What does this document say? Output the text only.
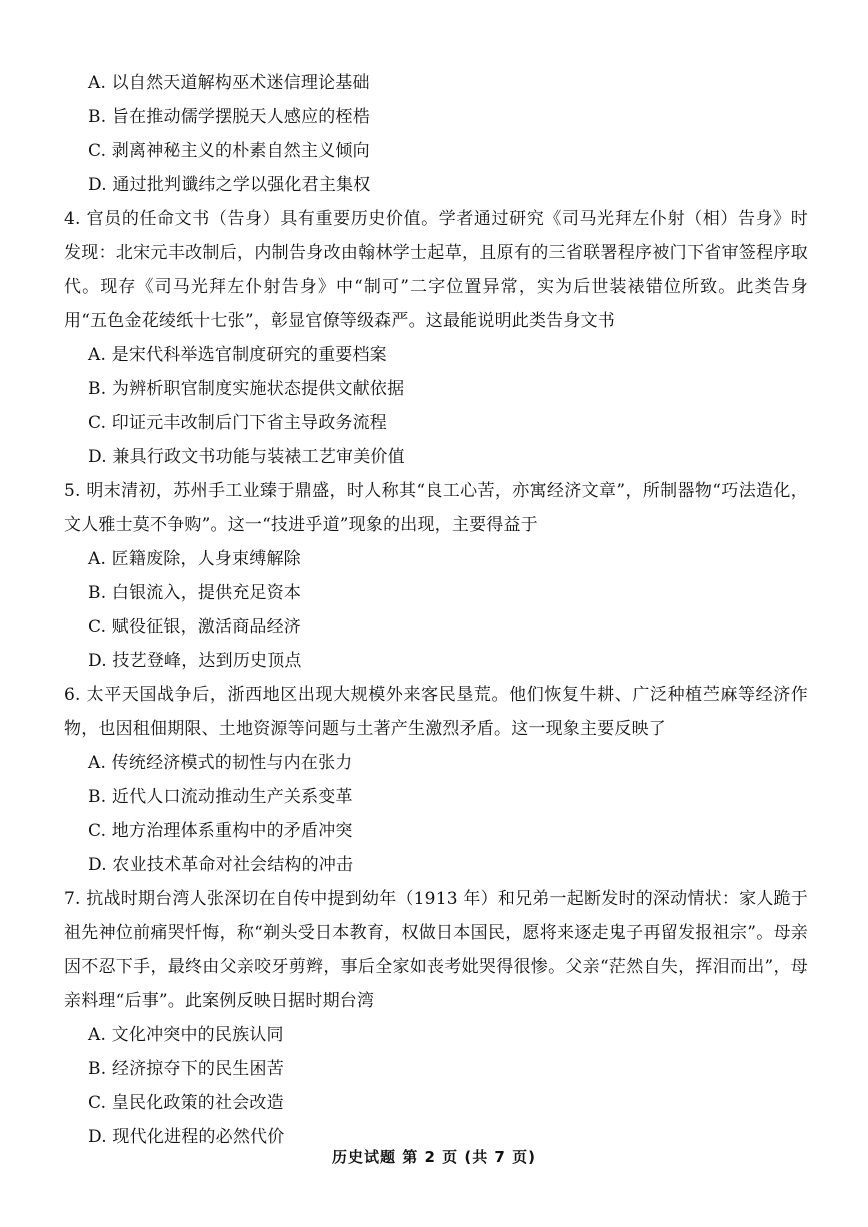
A. 以自然天道解构巫术迷信理论基础
B. 旨在推动儒学摆脱天人感应的桎梏
C. 剥离神秘主义的朴素自然主义倾向
D. 通过批判谶纬之学以强化君主集权
4. 官员的任命文书（告身）具有重要历史价值。学者通过研究《司马光拜左仆射（相）告身》时发现：北宋元丰改制后，内制告身改由翰林学士起草，且原有的三省联署程序被门下省审签程序取代。现存《司马光拜左仆射告身》中“制可”二字位置异常，实为后世装裱错位所致。此类告身用“五色金花绫纸十七张”，彰显官僚等级森严。这最能说明此类告身文书
A. 是宋代科举选官制度研究的重要档案
B. 为辨析职官制度实施状态提供文献依据
C. 印证元丰改制后门下省主导政务流程
D. 兼具行政文书功能与装裱工艺审美价值
5. 明末清初，苏州手工业臻于鼎盛，时人称其“良工心苦，亦寓经济文章”，所制器物“巧法造化，文人雅士莫不争购”。这一“技进乎道”现象的出现，主要得益于
A. 匠籍废除，人身束缚解除
B. 白银流入，提供充足资本
C. 赋役征银，激活商品经济
D. 技艺登峰，达到历史顶点
6. 太平天国战争后，浙西地区出现大规模外来客民垦荒。他们恢复牛耕、广泛种植苎麻等经济作物，也因租佃期限、土地资源等问题与土著产生激烈矛盾。这一现象主要反映了
A. 传统经济模式的韧性与内在张力
B. 近代人口流动推动生产关系变革
C. 地方治理体系重构中的矛盾冲突
D. 农业技术革命对社会结构的冲击
7. 抗战时期台湾人张深切在自传中提到幼年（1913 年）和兄弟一起断发时的深动情状：家人跪于祖先神位前痛哭忏悔，称“剃头受日本教育，权做日本国民，愿将来逐走鬼子再留发报祖宗”。母亲因不忍下手，最终由父亲咬牙剪辫，事后全家如丧考妣哭得很惨。父亲“茫然自失，挥泪而出”，母亲料理“后事”。此案例反映日据时期台湾
A. 文化冲突中的民族认同
B. 经济掠夺下的民生困苦
C. 皇民化政策的社会改造
D. 现代化进程的必然代价
历史试题 第 2 页 (共 7 页)
